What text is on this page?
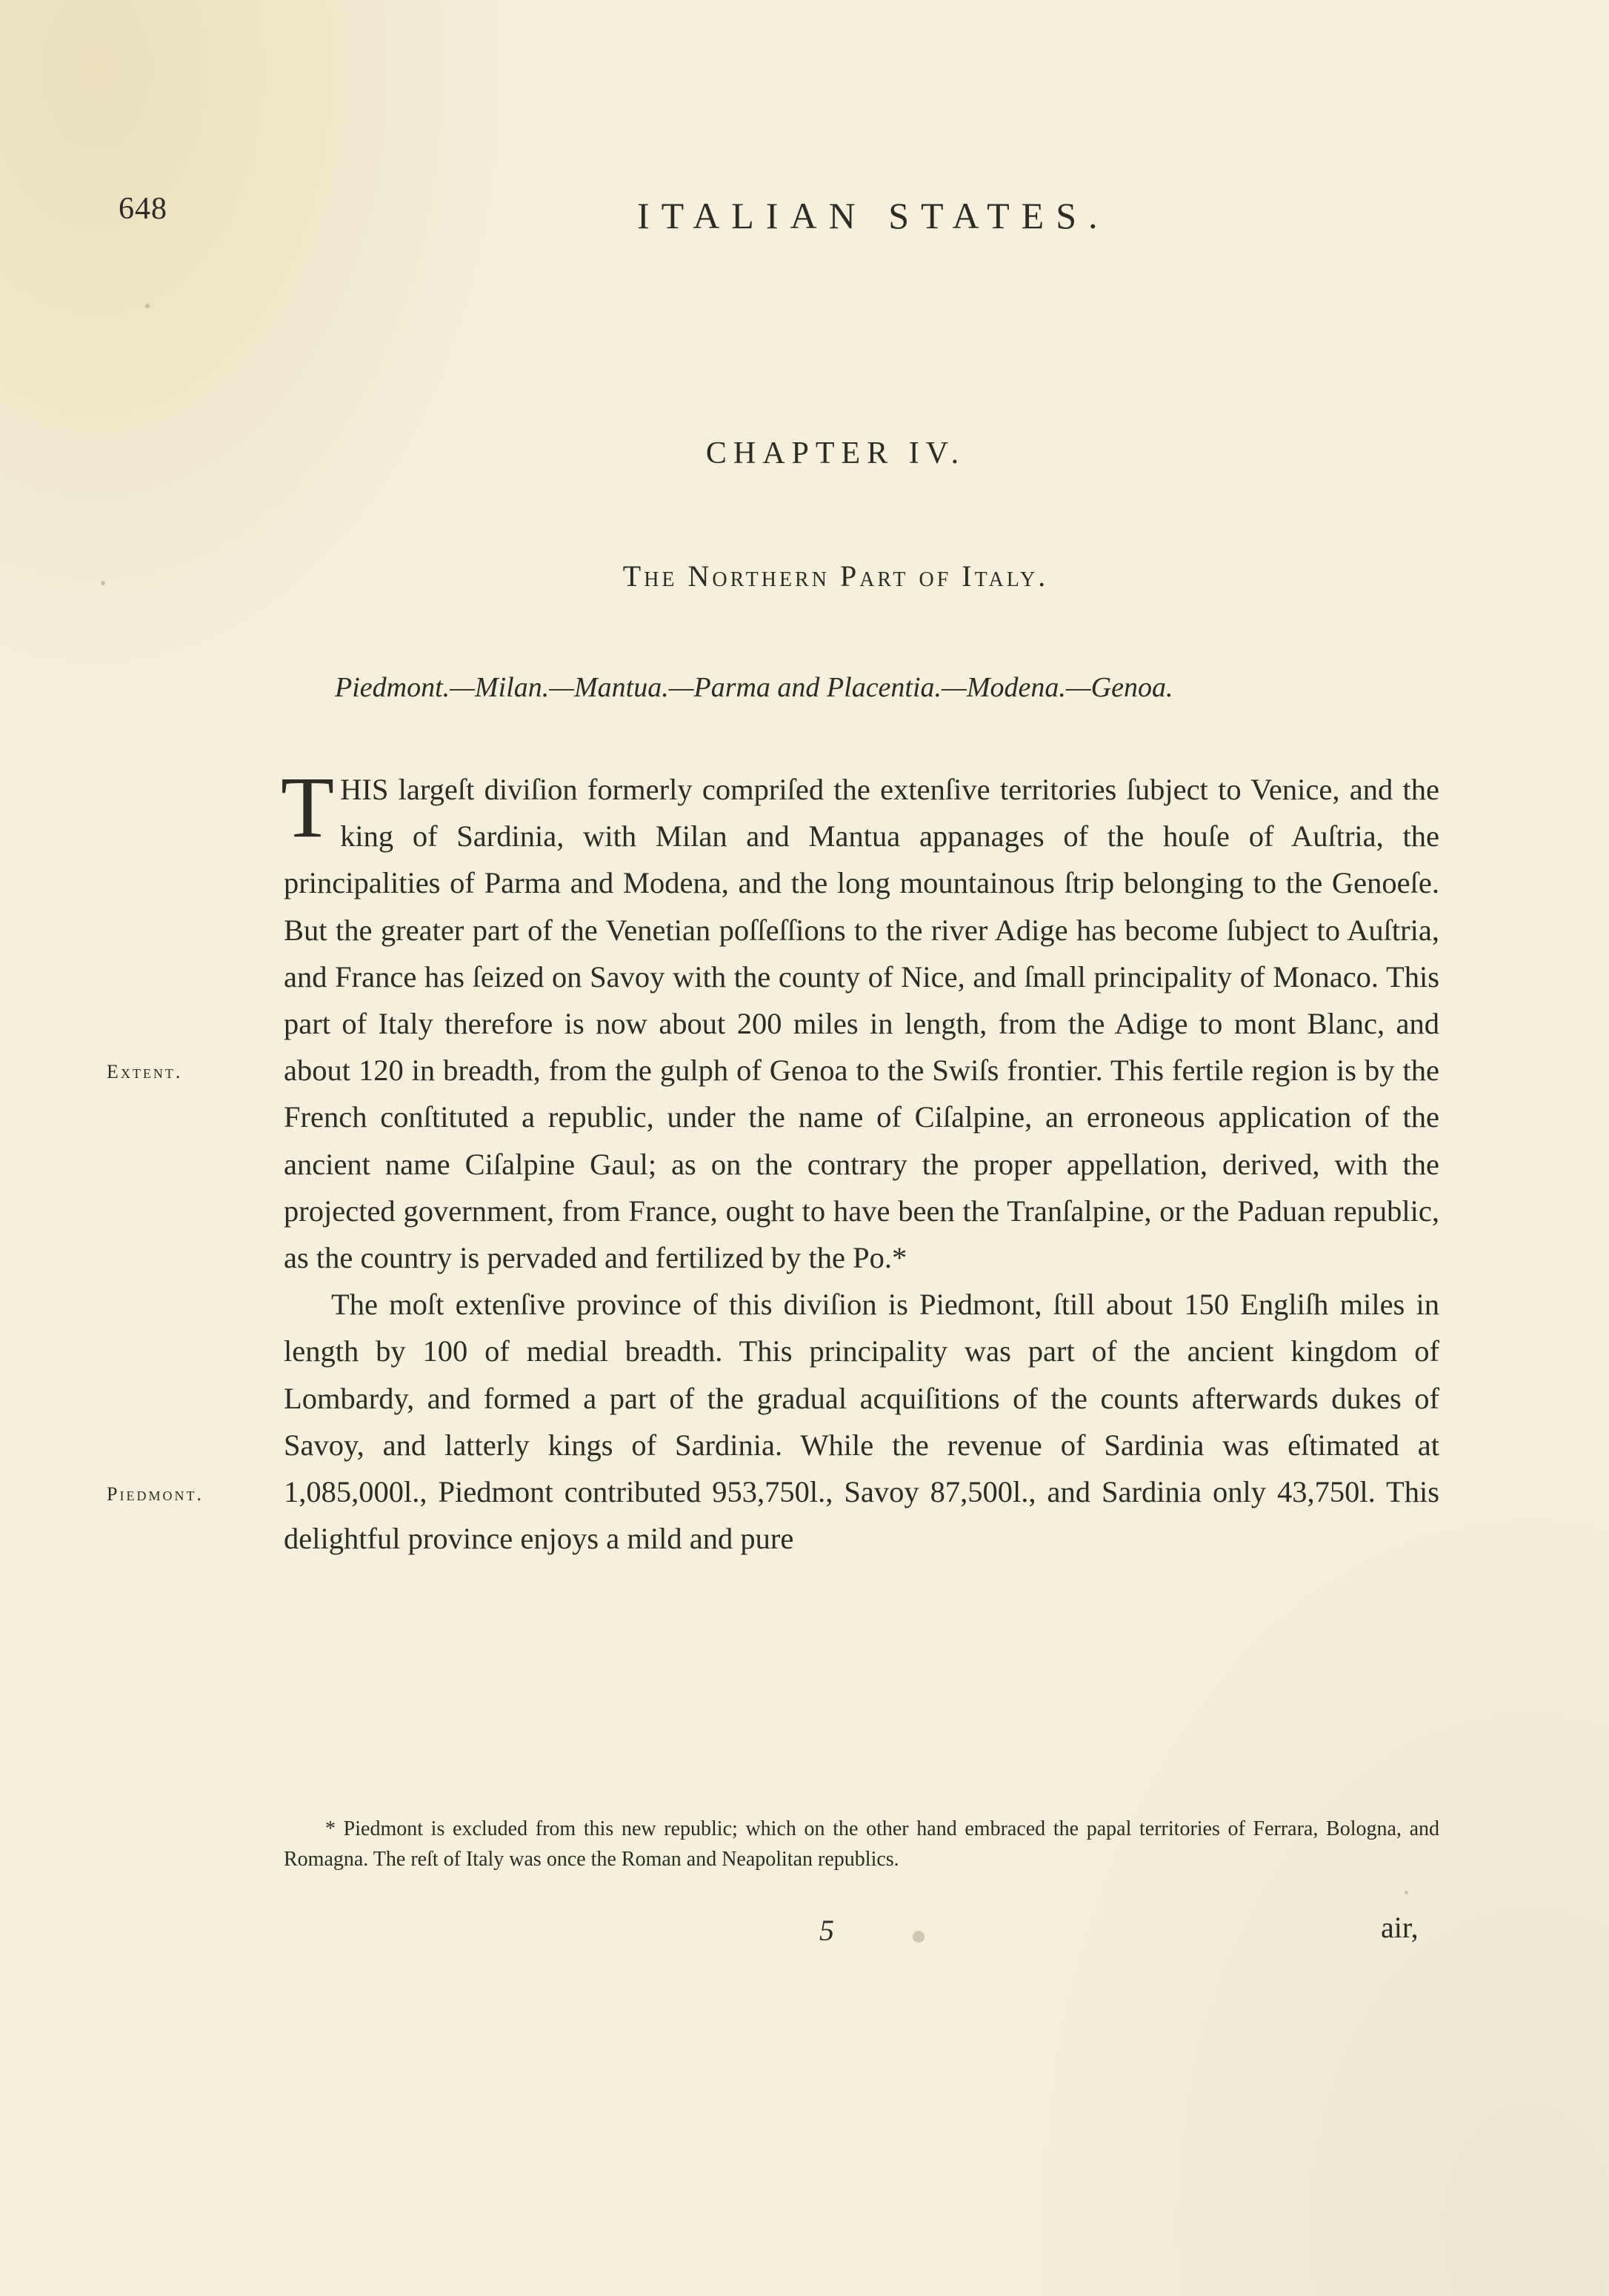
648	ITALIAN STATES.
CHAPTER IV.
The Northern Part of Italy.
Piedmont.—Milan.—Mantua.—Parma and Placentia.—Modena.—Genoa.
Extent.
Piedmont.

THIS largeſt diviſion formerly compriſed the extenſive territories ſubject to Venice, and the king of Sardinia, with Milan and Mantua appanages of the houſe of Auſtria, the principalities of Parma and Modena, and the long mountainous ſtrip belonging to the Genoeſe. But the greater part of the Venetian poſſeſſions to the river Adige has become ſubject to Auſtria, and France has ſeized on Savoy with the county of Nice, and ſmall principality of Monaco. This part of Italy therefore is now about 200 miles in length, from the Adige to mont Blanc, and about 120 in breadth, from the gulph of Genoa to the Swiſs frontier. This fertile region is by the French conſtituted a republic, under the name of Ciſalpine, an erroneous application of the ancient name Ciſalpine Gaul; as on the contrary the proper appellation, derived, with the projected government, from France, ought to have been the Tranſalpine, or the Paduan republic, as the country is pervaded and fertilized by the Po.*

The moſt extenſive province of this diviſion is Piedmont, ſtill about 150 Engliſh miles in length by 100 of medial breadth. This principality was part of the ancient kingdom of Lombardy, and formed a part of the gradual acquiſitions of the counts afterwards dukes of Savoy, and latterly kings of Sardinia. While the revenue of Sardinia was eſtimated at 1,085,000l., Piedmont contributed 953,750l., Savoy 87,500l., and Sardinia only 43,750l. This delightful province enjoys a mild and pure

* Piedmont is excluded from this new republic; which on the other hand embraced the papal territories of Ferrara, Bologna, and Romagna. The reſt of Italy was once the Roman and Neapolitan republics.
5	air,
